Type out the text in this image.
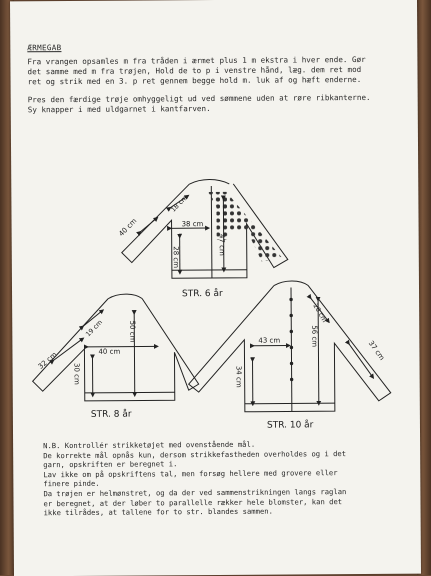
ÆRMEGAB
Fra vrangen opsamles m fra tråden i ærmet plus 1 m ekstra i hver ende. Gør
det samme med m fra trøjen, Hold de to p i venstre hånd, læg. dem ret mod
ret og strik med en 3. p ret gennem begge hold m. luk af og hæft enderne.
Pres den færdige trøje omhyggeligt ud ved sømmene uden at røre ribkanterne.
Sy knapper i med uldgarnet i kantfarven.
40 cm
18 cm
38 cm
47 cm
28 cm
STR. 6 år
32 cm
19 cm
40 cm
50 cm
30 cm
STR. 8 år
20 cm
43 cm	56 cm
37 cm
34 cm
STR. 10 år
N.B. Kontrollér strikketøjet med ovenstående mål.
De korrekte mål opnås kun, dersom strikkefastheden overholdes og i det
garn, opskriften er beregnet i.
Lav ikke om på opskriftens tal, men forsøg hellere med grovere eller
finere pinde.
Da trøjen er helmønstret, og da der ved sammenstrikningen langs raglan
er beregnet, at der løber to parallelle rækker hele blomster, kan det
ikke tilrådes, at tallene for to str. blandes sammen.
